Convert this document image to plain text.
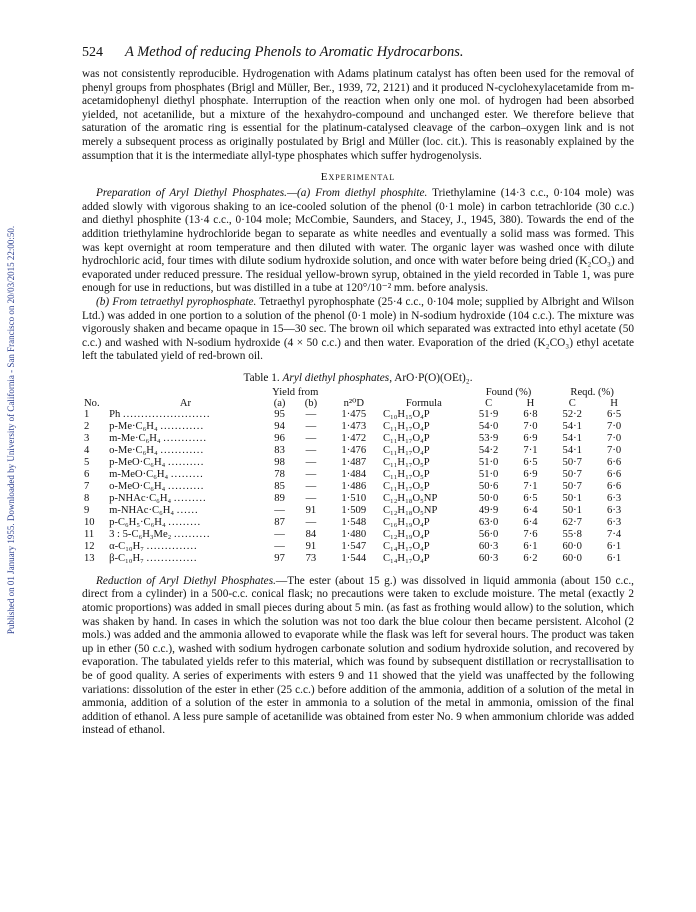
Published on 01 January 1955. Downloaded by University of California - San Francisco on 20/03/2015 22:00:50.
524 A Method of reducing Phenols to Aromatic Hydrocarbons.

was not consistently reproducible. Hydrogenation with Adams platinum catalyst has often been used for the removal of phenyl groups from phosphates (Brigl and Müller, Ber., 1939, 72, 2121) and it produced N-cyclohexylacetamide from m-acetamidophenyl diethyl phosphate. Interruption of the reaction when only one mol. of hydrogen had been absorbed yielded, not acetanilide, but a mixture of the hexahydro-compound and unchanged ester. We therefore believe that saturation of the aromatic ring is essential for the platinum-catalysed cleavage of the carbon–oxygen link and is not merely a subsequent process as originally postulated by Brigl and Müller (loc. cit.). This is reasonably explained by the assumption that it is the intermediate allyl-type phosphates which suffer hydrogenolysis.

Experimental

Preparation of Aryl Diethyl Phosphates.—(a) From diethyl phosphite. Triethylamine (14·3 c.c., 0·104 mole) was added slowly with vigorous shaking to an ice-cooled solution of the phenol (0·1 mole) in carbon tetrachloride (30 c.c.) and diethyl phosphite (13·4 c.c., 0·104 mole; McCombie, Saunders, and Stacey, J., 1945, 380). Towards the end of the addition triethylamine hydrochloride began to separate as white needles and eventually a solid mass was formed. This was kept overnight at room temperature and then diluted with water. The organic layer was washed once with dilute hydrochloric acid, four times with dilute sodium hydroxide solution, and once with water before being dried (K₂CO₃) and evaporated under reduced pressure. The residual yellow-brown syrup, obtained in the yield recorded in Table 1, was pure enough for use in reductions, but was distilled in a tube at 120°/10⁻² mm. before analysis.

(b) From tetraethyl pyrophosphate. Tetraethyl pyrophosphate (25·4 c.c., 0·104 mole; supplied by Albright and Wilson Ltd.) was added in one portion to a solution of the phenol (0·1 mole) in N-sodium hydroxide (104 c.c.). The mixture was vigorously shaken and became opaque in 15—30 sec. The brown oil which separated was extracted into ethyl acetate (50 c.c.) and washed with N-sodium hydroxide (4 × 50 c.c.) and then water. Evaporation of the dried (K₂CO₃) ethyl acetate left the tabulated yield of red-brown oil.

Table 1. Aryl diethyl phosphates, ArO·P(O)(OEt)₂.
		Yield from				Found (%)		Reqd. (%)	
No.	Ar	(a)	(b)	n²⁰D	Formula	C	H	C	H
1	Ph ........................	95	—	1·475	C₁₀H₁₅O₄P	51·9	6·8	52·2	6·5
2	p-Me·C₆H₄ ............	94	—	1·473	C₁₁H₁₇O₄P	54·0	7·0	54·1	7·0
3	m-Me·C₆H₄ ............	96	—	1·472	C₁₁H₁₇O₄P	53·9	6·9	54·1	7·0
4	o-Me·C₆H₄ ............	83	—	1·476	C₁₁H₁₇O₄P	54·2	7·1	54·1	7·0
5	p-MeO·C₆H₄ ..........	98	—	1·487	C₁₁H₁₇O₅P	51·0	6·5	50·7	6·6
6	m-MeO·C₆H₄ .........	78	—	1·484	C₁₁H₁₇O₅P	51·0	6·9	50·7	6·6
7	o-MeO·C₆H₄ ..........	85	—	1·486	C₁₁H₁₇O₅P	50·6	7·1	50·7	6·6
8	p-NHAc·C₆H₄ .........	89	—	1·510	C₁₂H₁₈O₅NP	50·0	6·5	50·1	6·3
9	m-NHAc·C₆H₄ ......	—	91	1·509	C₁₂H₁₈O₅NP	49·9	6·4	50·1	6·3
10	p-C₆H₅·C₆H₄ .........	87	—	1·548	C₁₆H₁₉O₄P	63·0	6·4	62·7	6·3
11	3 : 5-C₆H₃Me₂ ..........	—	84	1·480	C₁₂H₁₉O₄P	56·0	7·6	55·8	7·4
12	α-C₁₀H₇ ..............	—	91	1·547	C₁₄H₁₇O₄P	60·3	6·1	60·0	6·1
13	β-C₁₀H₇ ..............	97	73	1·544	C₁₄H₁₇O₄P	60·3	6·2	60·0	6·1

Reduction of Aryl Diethyl Phosphates.—The ester (about 15 g.) was dissolved in liquid ammonia (about 150 c.c., direct from a cylinder) in a 500-c.c. conical flask; no precautions were taken to exclude moisture. The metal (exactly 2 atomic proportions) was added in small pieces during about 5 min. (as fast as frothing would allow) to the solution, which was shaken by hand. In cases in which the solution was not too dark the blue colour then became persistent. Alcohol (2 mols.) was added and the ammonia allowed to evaporate while the flask was left for several hours. The product was taken up in ether (50 c.c.), washed with sodium hydrogen carbonate solution and sodium hydroxide solution, and recovered by evaporation. The tabulated yields refer to this material, which was found by subsequent distillation or recrystallisation to be of good quality. A series of experiments with esters 9 and 11 showed that the yield was unaffected by the following variations: dissolution of the ester in ether (25 c.c.) before addition of the ammonia, addition of a solution of the metal in ammonia, addition of a solution of the ester in ammonia to a solution of the metal in ammonia, omission of the final addition of ethanol. A less pure sample of acetanilide was obtained from ester No. 9 when ammonium chloride was added instead of ethanol.
